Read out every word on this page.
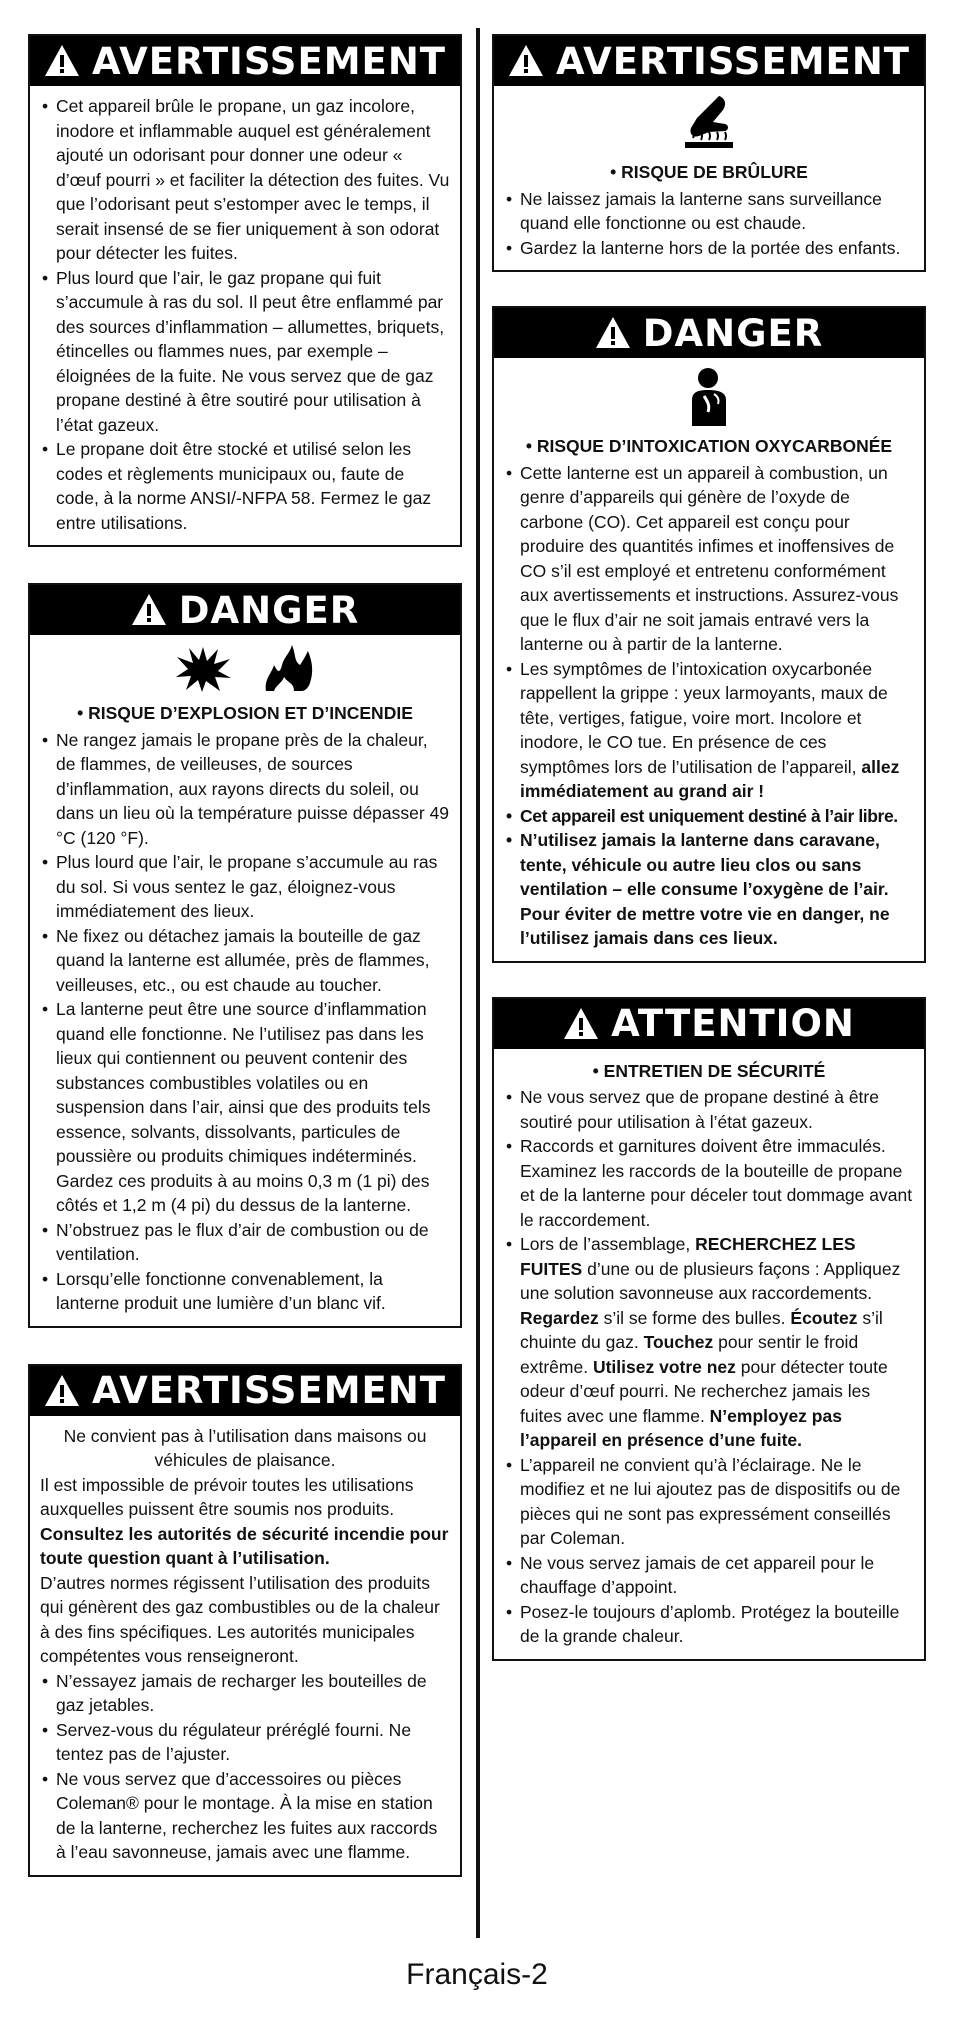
AVERTISSEMENT
• Cet appareil brûle le propane, un gaz incolore, inodore et inflammable auquel est généralement ajouté un odorisant pour donner une odeur « d’œuf pourri » et faciliter la détection des fuites. Vu que l’odorisant peut s’estomper avec le temps, il serait insensé de se fier uniquement à son odorat pour détecter les fuites.
• Plus lourd que l’air, le gaz propane qui fuit s’accumule à ras du sol. Il peut être enflammé par des sources d’inflammation – allumettes, briquets, étincelles ou flammes nues, par exemple – éloignées de la fuite. Ne vous servez que de gaz propane destiné à être soutiré pour utilisation à l’état gazeux.
• Le propane doit être stocké et utilisé selon les codes et règlements municipaux ou, faute de code, à la norme ANSI/-NFPA 58. Fermez le gaz entre utilisations.
DANGER
• RISQUE D’EXPLOSION ET D’INCENDIE
• Ne rangez jamais le propane près de la chaleur, de flammes, de veilleuses, de sources d’inflammation, aux rayons directs du soleil, ou dans un lieu où la température puisse dépasser 49 °C (120 °F).
• Plus lourd que l’air, le propane s’accumule au ras du sol. Si vous sentez le gaz, éloignez-vous immédiatement des lieux.
• Ne fixez ou détachez jamais la bouteille de gaz quand la lanterne est allumée, près de flammes, veilleuses, etc., ou est chaude au toucher.
• La lanterne peut être une source d’inflammation quand elle fonctionne. Ne l’utilisez pas dans les lieux qui contiennent ou peuvent contenir des substances combustibles volatiles ou en suspension dans l’air, ainsi que des produits tels essence, solvants, dissolvants, particules de poussière ou produits chimiques indéterminés. Gardez ces produits à au moins 0,3 m (1 pi) des côtés et 1,2 m (4 pi) du dessus de la lanterne.
• N’obstruez pas le flux d’air de combustion ou de ventilation.
• Lorsqu’elle fonctionne convenablement, la lanterne produit une lumière d’un blanc vif.
AVERTISSEMENT
Ne convient pas à l’utilisation dans maisons ou véhicules de plaisance.
Il est impossible de prévoir toutes les utilisations auxquelles puissent être soumis nos produits. Consultez les autorités de sécurité incendie pour toute question quant à l’utilisation.
D’autres normes régissent l’utilisation des produits qui génèrent des gaz combustibles ou de la chaleur à des fins spécifiques. Les autorités municipales compétentes vous renseigneront.
• N’essayez jamais de recharger les bouteilles de gaz jetables.
• Servez-vous du régulateur préréglé fourni. Ne tentez pas de l’ajuster.
• Ne vous servez que d’accessoires ou pièces Coleman® pour le montage. À la mise en station de la lanterne, recherchez les fuites aux raccords à l’eau savonneuse, jamais avec une flamme.
AVERTISSEMENT
• RISQUE DE BRÛLURE
• Ne laissez jamais la lanterne sans surveillance quand elle fonctionne ou est chaude.
• Gardez la lanterne hors de la portée des enfants.
DANGER
• RISQUE D’INTOXICATION OXYCARBONÉE
• Cette lanterne est un appareil à combustion, un genre d’appareils qui génère de l’oxyde de carbone (CO). Cet appareil est conçu pour produire des quantités infimes et inoffensives de CO s’il est employé et entretenu conformément aux avertissements et instructions. Assurez-vous que le flux d’air ne soit jamais entravé vers la lanterne ou à partir de la lanterne.
• Les symptômes de l’intoxication oxycarbonée rappellent la grippe : yeux larmoyants, maux de tête, vertiges, fatigue, voire mort. Incolore et inodore, le CO tue. En présence de ces symptômes lors de l’utilisation de l’appareil, allez immédiatement au grand air !
• Cet appareil est uniquement destiné à l’air libre.
• N’utilisez jamais la lanterne dans caravane, tente, véhicule ou autre lieu clos ou sans ventilation – elle consume l’oxygène de l’air. Pour éviter de mettre votre vie en danger, ne l’utilisez jamais dans ces lieux.
ATTENTION
• ENTRETIEN DE SÉCURITÉ
• Ne vous servez que de propane destiné à être soutiré pour utilisation à l’état gazeux.
• Raccords et garnitures doivent être immaculés. Examinez les raccords de la bouteille de propane et de la lanterne pour déceler tout dommage avant le raccordement.
• Lors de l’assemblage, RECHERCHEZ LES FUITES d’une ou de plusieurs façons : Appliquez une solution savonneuse aux raccordements. Regardez s’il se forme des bulles. Écoutez s’il chuinte du gaz. Touchez pour sentir le froid extrême. Utilisez votre nez pour détecter toute odeur d’œuf pourri. Ne recherchez jamais les fuites avec une flamme. N’employez pas l’appareil en présence d’une fuite.
• L’appareil ne convient qu’à l’éclairage. Ne le modifiez et ne lui ajoutez pas de dispositifs ou de pièces qui ne sont pas expressément conseillés par Coleman.
• Ne vous servez jamais de cet appareil pour le chauffage d’appoint.
• Posez-le toujours d’aplomb. Protégez la bouteille de la grande chaleur.
Français-2
